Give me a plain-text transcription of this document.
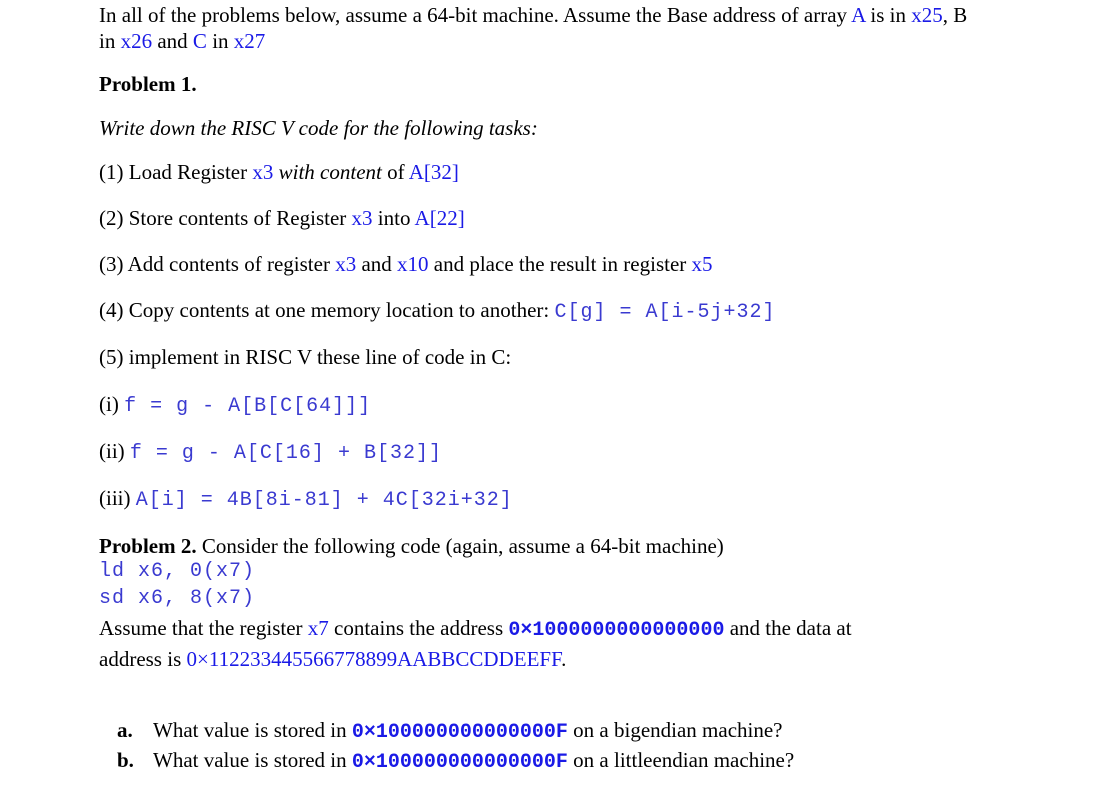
In all of the problems below, assume a 64-bit machine. Assume the Base address of array A is in x25, B
in x26 and C in x27
Problem 1.
Write down the RISC V code for the following tasks:
(1) Load Register x3 with content of A[32]
(2) Store contents of Register x3 into A[22]
(3) Add contents of register x3 and x10 and place the result in register x5
(4) Copy contents at one memory location to another: C[g] = A[i-5j+32]
(5) implement in RISC V these line of code in C:
(i) f = g - A[B[C[64]]]
(ii) f = g - A[C[16] + B[32]]
(iii) A[i] = 4B[8i-81] + 4C[32i+32]
Problem 2. Consider the following code (again, assume a 64-bit machine)
ld x6, 0(x7)
sd x6, 8(x7)
Assume that the register x7 contains the address 0×1000000000000000 and the data at
address is 0×112233445566778899AABBCCDDEEFF.
a. What value is stored in 0×100000000000000F on a bigendian machine?
b. What value is stored in 0×100000000000000F on a littleendian machine?
